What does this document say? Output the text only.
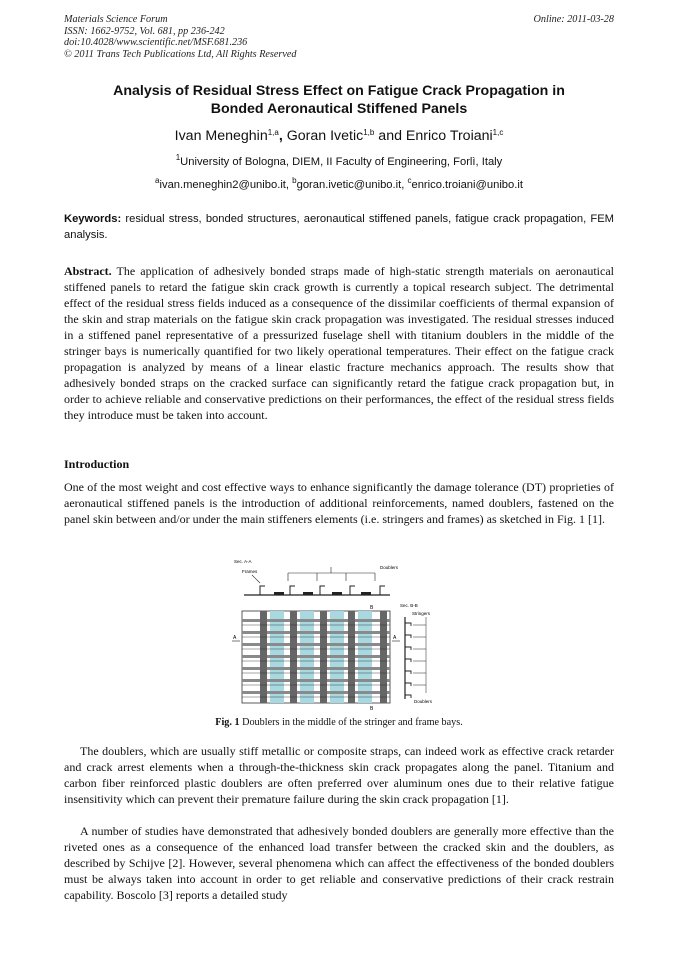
Materials Science Forum
ISSN: 1662-9752, Vol. 681, pp 236-242
doi:10.4028/www.scientific.net/MSF.681.236
© 2011 Trans Tech Publications Ltd, All Rights Reserved
Online: 2011-03-28
Analysis of Residual Stress Effect on Fatigue Crack Propagation in
Bonded Aeronautical Stiffened Panels
Ivan Meneghin$^{1,a}$, Goran Ivetic$^{1,b}$ and Enrico Troiani$^{1,c}$
$^1$University of Bologna, DIEM, II Faculty of Engineering, Forlì, Italy
$^a$ivan.meneghin2@unibo.it, $^b$goran.ivetic@unibo.it, $^c$enrico.troiani@unibo.it
Keywords: residual stress, bonded structures, aeronautical stiffened panels, fatigue crack propagation, FEM analysis.
Abstract. The application of adhesively bonded straps made of high-static strength materials on aeronautical stiffened panels to retard the fatigue skin crack growth is currently a topical research subject. The detrimental effect of the residual stress fields induced as a consequence of the dissimilar coefficients of thermal expansion of the skin and strap materials on the fatigue skin crack propagation was investigated. The residual stresses induced in a stiffened panel representative of a pressurized fuselage shell with titanium doublers in the middle of the stringer bays is numerically quantified for two likely operational temperatures. Their effect on the fatigue crack propagation is analyzed by means of a linear elastic fracture mechanics approach. The results show that adhesively bonded straps on the cracked surface can significantly retard the fatigue crack propagation but, in order to achieve reliable and conservative predictions on their performances, the effect of the residual stress fields they introduce must be taken into account.
Introduction
One of the most weight and cost effective ways to enhance significantly the damage tolerance (DT) proprieties of aeronautical stiffened panels is the introduction of additional reinforcements, named doublers, fastened on the panel skin between and/or under the main stiffeners elements (i.e. stringers and frames) as sketched in Fig. 1 [1].
Sec. A-A
Frames
Doublers
A	A
B
B
Sec. B-B
Stringers
Doublers
Fig. 1 Doublers in the middle of the stringer and frame bays.
The doublers, which are usually stiff metallic or composite straps, can indeed work as effective crack retarder and crack arrest elements when a through-the-thickness skin crack propagates along the panel. Titanium and carbon fiber reinforced plastic doublers are often preferred over aluminum ones due to their relative fatigue insensitivity which can prevent their premature failure during the skin crack propagation [1].
A number of studies have demonstrated that adhesively bonded doublers are generally more effective than the riveted ones as a consequence of the enhanced load transfer between the cracked skin and the doublers, as described by Schijve [2]. However, several phenomena which can affect the effectiveness of the bonded doublers must be always taken into account in order to get reliable and conservative predictions of their crack restrain capability. Boscolo [3] reports a detailed study
